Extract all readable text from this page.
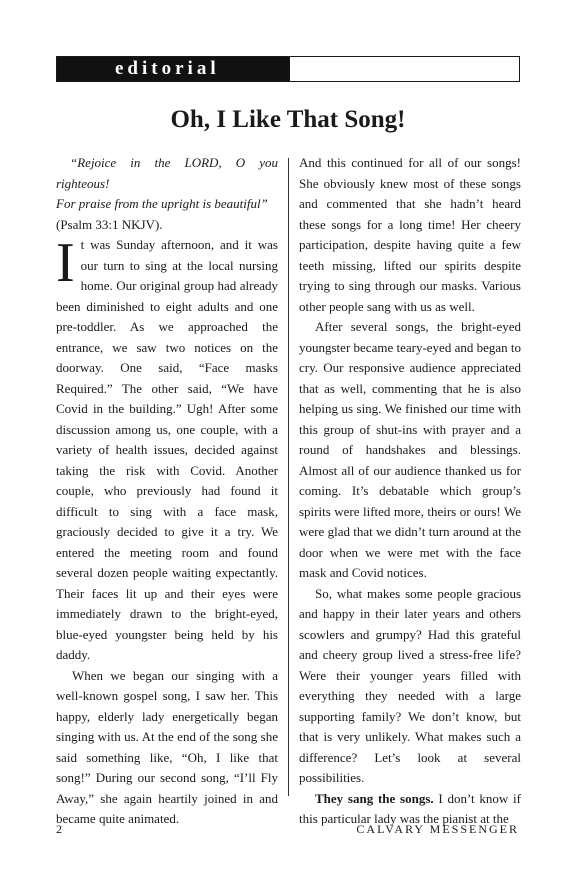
editorial
Oh, I Like That Song!

“Rejoice in the LORD, O you righteous!
For praise from the upright is beautiful”
(Psalm 33:1 NKJV).

It was Sunday afternoon, and it was our turn to sing at the local nursing home. Our original group had already been diminished to eight adults and one pre-toddler. As we approached the entrance, we saw two notices on the doorway. One said, “Face masks Required.” The other said, “We have Covid in the building.” Ugh! After some discussion among us, one couple, with a variety of health issues, decided against taking the risk with Covid. Another couple, who previously had found it difficult to sing with a face mask, graciously decided to give it a try. We entered the meeting room and found several dozen people waiting expectantly. Their faces lit up and their eyes were immediately drawn to the bright-eyed, blue-eyed youngster being held by his daddy.

When we began our singing with a well-known gospel song, I saw her. This happy, elderly lady energetically began singing with us. At the end of the song she said something like, “Oh, I like that song!” During our second song, “I’ll Fly Away,” she again heartily joined in and became quite animated.

And this continued for all of our songs! She obviously knew most of these songs and commented that she hadn’t heard these songs for a long time! Her cheery participation, despite having quite a few teeth missing, lifted our spirits despite trying to sing through our masks. Various other people sang with us as well.

After several songs, the bright-eyed youngster became teary-eyed and began to cry. Our responsive audience appreciated that as well, commenting that he is also helping us sing. We finished our time with this group of shut-ins with prayer and a round of handshakes and blessings. Almost all of our audience thanked us for coming. It’s debatable which group’s spirits were lifted more, theirs or ours! We were glad that we didn’t turn around at the door when we were met with the face mask and Covid notices.

So, what makes some people gracious and happy in their later years and others scowlers and grumpy? Had this grateful and cheery group lived a stress-free life? Were their younger years filled with everything they needed with a large supporting family? We don’t know, but that is very unlikely. What makes such a difference? Let’s look at several possibilities.

They sang the songs. I don’t know if this particular lady was the pianist at the

2	CALVARY MESSENGER
